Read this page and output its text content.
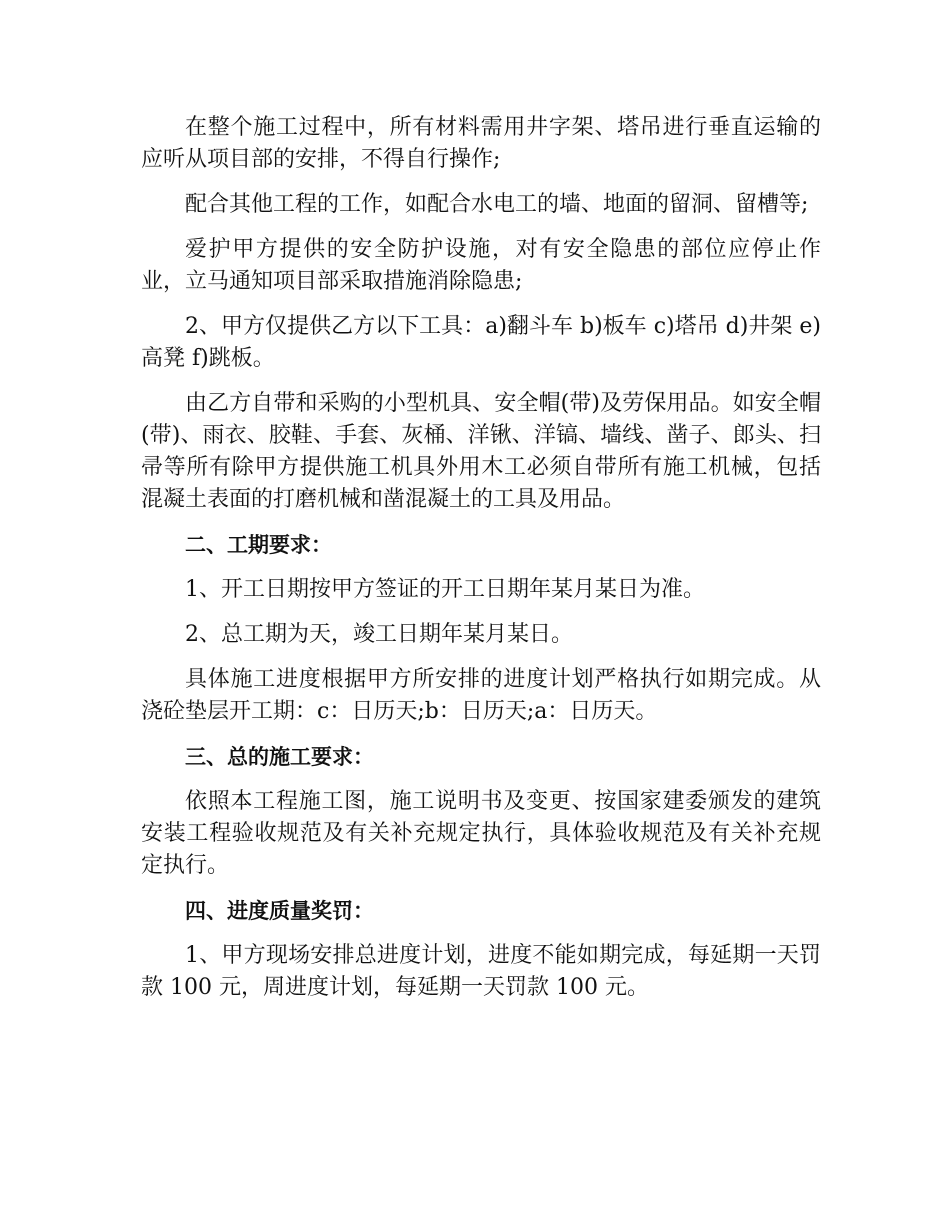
在整个施工过程中，所有材料需用井字架、塔吊进行垂直运输的应听从项目部的安排，不得自行操作;

配合其他工程的工作，如配合水电工的墙、地面的留洞、留槽等;

爱护甲方提供的安全防护设施，对有安全隐患的部位应停止作业，立马通知项目部采取措施消除隐患;

2、甲方仅提供乙方以下工具：a)翻斗车 b)板车 c)塔吊 d)井架 e)高凳 f)跳板。

由乙方自带和采购的小型机具、安全帽(带)及劳保用品。如安全帽(带)、雨衣、胶鞋、手套、灰桶、洋锹、洋镐、墙线、凿子、郎头、扫帚等所有除甲方提供施工机具外用木工必须自带所有施工机械，包括混凝土表面的打磨机械和凿混凝土的工具及用品。

二、工期要求：

1、开工日期按甲方签证的开工日期年某月某日为准。

2、总工期为天，竣工日期年某月某日。

具体施工进度根据甲方所安排的进度计划严格执行如期完成。从浇砼垫层开工期：c：日历天;b：日历天;a：日历天。

三、总的施工要求：

依照本工程施工图，施工说明书及变更、按国家建委颁发的建筑安装工程验收规范及有关补充规定执行，具体验收规范及有关补充规定执行。

四、进度质量奖罚：

1、甲方现场安排总进度计划，进度不能如期完成，每延期一天罚款 100 元，周进度计划，每延期一天罚款 100 元。
